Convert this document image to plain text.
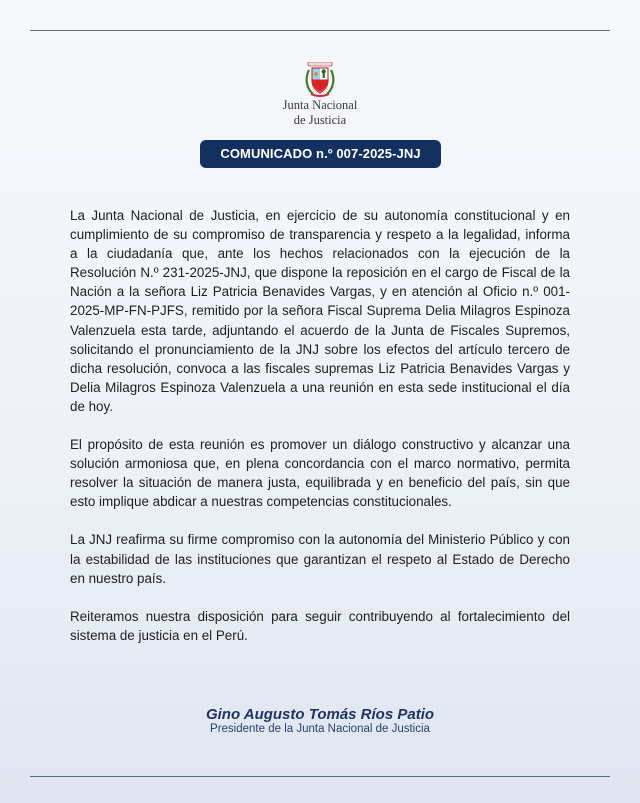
Junta Nacional
de Justicia
COMUNICADO n.º 007-2025-JNJ

La Junta Nacional de Justicia, en ejercicio de su autonomía constitucional y en cumplimiento de su compromiso de transparencia y respeto a la legalidad, informa a la ciudadanía que, ante los hechos relacionados con la ejecución de la Resolución N.º 231-2025-JNJ, que dispone la reposición en el cargo de Fiscal de la Nación a la señora Liz Patricia Benavides Vargas, y en atención al Oficio n.º 001-2025-MP-FN-PJFS, remitido por la señora Fiscal Suprema Delia Milagros Espinoza Valenzuela esta tarde, adjuntando el acuerdo de la Junta de Fiscales Supremos, solicitando el pronunciamiento de la JNJ sobre los efectos del artículo tercero de dicha resolución, convoca a las fiscales supremas Liz Patricia Benavides Vargas y Delia Milagros Espinoza Valenzuela a una reunión en esta sede institucional el día de hoy.

El propósito de esta reunión es promover un diálogo constructivo y alcanzar una solución armoniosa que, en plena concordancia con el marco normativo, permita resolver la situación de manera justa, equilibrada y en beneficio del país, sin que esto implique abdicar a nuestras competencias constitucionales.

La JNJ reafirma su firme compromiso con la autonomía del Ministerio Público y con la estabilidad de las instituciones que garantizan el respeto al Estado de Derecho en nuestro país.

Reiteramos nuestra disposición para seguir contribuyendo al fortalecimiento del sistema de justicia en el Perú.

Gino Augusto Tomás Ríos Patio
Presidente de la Junta Nacional de Justicia
